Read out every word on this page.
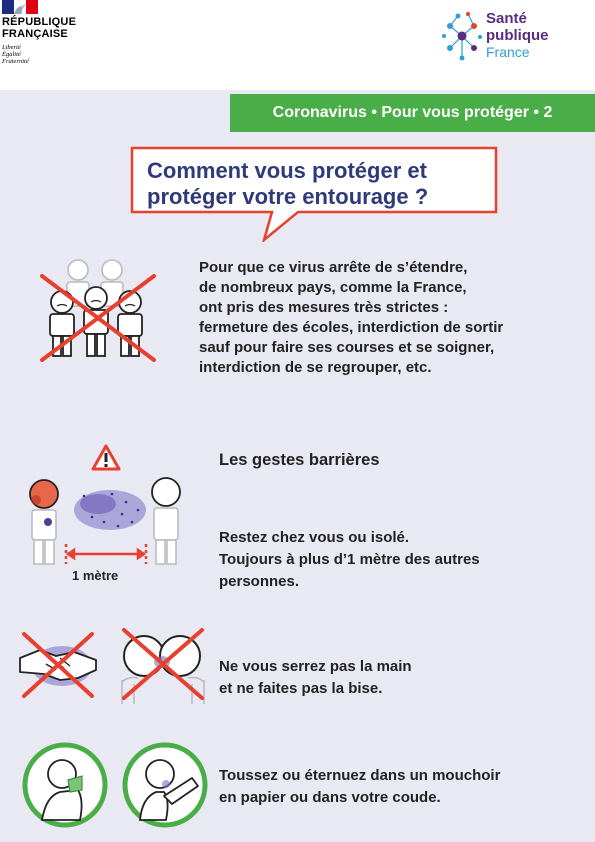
RÉPUBLIQUE
FRANÇAISE
Liberté
Égalité
Fraternité
Santé
publique
France
Coronavirus • Pour vous protéger • 2
Comment vous protéger et
protéger votre entourage ?
Pour que ce virus arrête de s’étendre,
de nombreux pays, comme la France,
ont pris des mesures très strictes :
fermeture des écoles, interdiction de sortir
sauf pour faire ses courses et se soigner,
interdiction de se regrouper, etc.
Les gestes barrières
1 mètre
Restez chez vous ou isolé.
Toujours à plus d’1 mètre des autres
personnes.
Ne vous serrez pas la main
et ne faites pas la bise.
Toussez ou éternuez dans un mouchoir
en papier ou dans votre coude.
